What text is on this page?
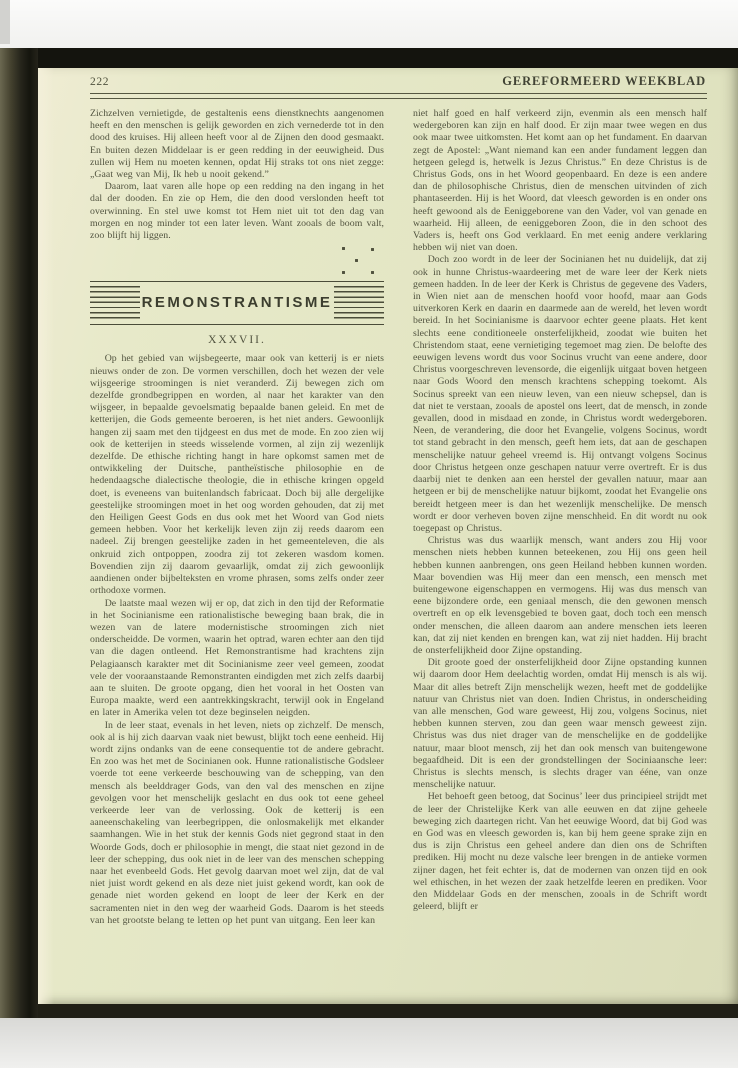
222	GEREFORMEERD WEEKBLAD

Zichzelven vernietigde, de gestaltenis eens dienstknechts aangenomen heeft en den menschen is gelijk geworden en zich vernederde tot in den dood des kruises. Hij alleen heeft voor al de Zijnen den dood gesmaakt. En buiten dezen Middelaar is er geen redding in der eeuwigheid. Dus zullen wij Hem nu moeten kennen, opdat Hij straks tot ons niet zegge: „Gaat weg van Mij, Ik heb u nooit gekend.”

Daarom, laat varen alle hope op een redding na den ingang in het dal der dooden. En zie op Hem, die den dood verslonden heeft tot overwinning. En stel uwe komst tot Hem niet uit tot den dag van morgen en nog minder tot een later leven. Want zooals de boom valt, zoo blijft hij liggen.

REMONSTRANTISME
XXXVII.

Op het gebied van wijsbegeerte, maar ook van ketterij is er niets nieuws onder de zon. De vormen verschillen, doch het wezen der vele wijsgeerige stroomingen is niet veranderd. Zij bewegen zich om dezelfde grondbegrippen en worden, al naar het karakter van den wijsgeer, in bepaalde gevoelsmatig bepaalde banen geleid. En met de ketterijen, die Gods gemeente beroeren, is het niet anders. Gewoonlijk hangen zij saam met den tijdgeest en dus met de mode. En zoo zien wij ook de ketterijen in steeds wisselende vormen, al zijn zij wezenlijk dezelfde. De ethische richting hangt in hare opkomst samen met de ontwikkeling der Duitsche, pantheïstische philosophie en de hedendaagsche dialectische theologie, die in ethische kringen opgeld doet, is eveneens van buitenlandsch fabricaat. Doch bij alle dergelijke geestelijke stroomingen moet in het oog worden gehouden, dat zij met den Heiligen Geest Gods en dus ook met het Woord van God niets gemeen hebben. Voor het kerkelijk leven zijn zij reeds daarom een nadeel. Zij brengen geestelijke zaden in het gemeenteleven, die als onkruid zich ontpoppen, zoodra zij tot zekeren wasdom komen. Bovendien zijn zij daarom gevaarlijk, omdat zij zich gewoonlijk aandienen onder bijbelteksten en vrome phrasen, soms zelfs onder zeer orthodoxe vormen.

De laatste maal wezen wij er op, dat zich in den tijd der Reformatie in het Socinianisme een rationalistische beweging baan brak, die in wezen van de latere modernistische stroomingen zich niet onderscheidde. De vormen, waarin het optrad, waren echter aan den tijd van die dagen ontleend. Het Remonstrantisme had krachtens zijn Pelagiaansch karakter met dit Socinianisme zeer veel gemeen, zoodat vele der vooraanstaande Remonstranten eindigden met zich zelfs daarbij aan te sluiten. De groote opgang, dien het vooral in het Oosten van Europa maakte, werd een aantrekkingskracht, terwijl ook in Engeland en later in Amerika velen tot deze beginselen neigden.

In de leer staat, evenals in het leven, niets op zichzelf. De mensch, ook al is hij zich daarvan vaak niet bewust, blijkt toch eene eenheid. Hij wordt zijns ondanks van de eene consequentie tot de andere gebracht. En zoo was het met de Socinianen ook. Hunne rationalistische Godsleer voerde tot eene verkeerde beschouwing van de schepping, van den mensch als beelddrager Gods, van den val des menschen en zijne gevolgen voor het menschelijk geslacht en dus ook tot eene geheel verkeerde leer van de verlossing. Ook de ketterij is een aaneenschakeling van leerbegrippen, die onlosmakelijk met elkander saamhangen. Wie in het stuk der kennis Gods niet gegrond staat in den Woorde Gods, doch er philosophie in mengt, die staat niet gezond in de leer der schepping, dus ook niet in de leer van des menschen schepping naar het evenbeeld Gods. Het gevolg daarvan moet wel zijn, dat de val niet juist wordt gekend en als deze niet juist gekend wordt, kan ook de genade niet worden gekend en loopt de leer der Kerk en der sacramenten niet in den weg der waarheid Gods. Daarom is het steeds van het grootste belang te letten op het punt van uitgang. Een leer kan

niet half goed en half verkeerd zijn, evenmin als een mensch half wedergeboren kan zijn en half dood. Er zijn maar twee wegen en dus ook maar twee uitkomsten. Het komt aan op het fundament. En daarvan zegt de Apostel: „Want niemand kan een ander fundament leggen dan hetgeen gelegd is, hetwelk is Jezus Christus.” En deze Christus is de Christus Gods, ons in het Woord geopenbaard. En deze is een andere dan de philosophische Christus, dien de menschen uitvinden of zich phantaseerden. Hij is het Woord, dat vleesch geworden is en onder ons heeft gewoond als de Eeniggeborene van den Vader, vol van genade en waarheid. Hij alleen, de eeniggeboren Zoon, die in den schoot des Vaders is, heeft ons God verklaard. En met eenig andere verklaring hebben wij niet van doen.

Doch zoo wordt in de leer der Socinianen het nu duidelijk, dat zij ook in hunne Christus-waardeering met de ware leer der Kerk niets gemeen hadden. In de leer der Kerk is Christus de gegevene des Vaders, in Wien niet aan de menschen hoofd voor hoofd, maar aan Gods uitverkoren Kerk en daarin en daarmede aan de wereld, het leven wordt bereid. In het Socinianisme is daarvoor echter geene plaats. Het kent slechts eene conditioneele onsterfelijkheid, zoodat wie buiten het Christendom staat, eene vernietiging tegemoet mag zien. De belofte des eeuwigen levens wordt dus voor Socinus vrucht van eene andere, door Christus voorgeschreven levensorde, die eigenlijk uitgaat boven hetgeen naar Gods Woord den mensch krachtens schepping toekomt. Als Socinus spreekt van een nieuw leven, van een nieuw schepsel, dan is dat niet te verstaan, zooals de apostel ons leert, dat de mensch, in zonde gevallen, dood in misdaad en zonde, in Christus wordt wedergeboren. Neen, de verandering, die door het Evangelie, volgens Socinus, wordt tot stand gebracht in den mensch, geeft hem iets, dat aan de geschapen menschelijke natuur geheel vreemd is. Hij ontvangt volgens Socinus door Christus hetgeen onze geschapen natuur verre overtreft. Er is dus daarbij niet te denken aan een herstel der gevallen natuur, maar aan hetgeen er bij de menschelijke natuur bijkomt, zoodat het Evangelie ons bereidt hetgeen meer is dan het wezenlijk menschelijke. De mensch wordt er door verheven boven zijne menschheid. En dit wordt nu ook toegepast op Christus.

Christus was dus waarlijk mensch, want anders zou Hij voor menschen niets hebben kunnen beteekenen, zou Hij ons geen heil hebben kunnen aanbrengen, ons geen Heiland hebben kunnen worden. Maar bovendien was Hij meer dan een mensch, een mensch met buitengewone eigenschappen en vermogens. Hij was dus mensch van eene bijzondere orde, een geniaal mensch, die den gewonen mensch overtreft en op elk levensgebied te boven gaat, doch toch een mensch onder menschen, die alleen daarom aan andere menschen iets leeren kan, dat zij niet kenden en brengen kan, wat zij niet hadden. Hij bracht de onsterfelijkheid door Zijne opstanding.

Dit groote goed der onsterfelijkheid door Zijne opstanding kunnen wij daarom door Hem deelachtig worden, omdat Hij mensch is als wij. Maar dit alles betreft Zijn menschelijk wezen, heeft met de goddelijke natuur van Christus niet van doen. Indien Christus, in onderscheiding van alle menschen, God ware geweest, Hij zou, volgens Socinus, niet hebben kunnen sterven, zou dan geen waar mensch geweest zijn. Christus was dus niet drager van de menschelijke en de goddelijke natuur, maar bloot mensch, zij het dan ook mensch van buitengewone begaafdheid. Dit is een der grondstellingen der Sociniaansche leer: Christus is slechts mensch, is slechts drager van ééne, van onze menschelijke natuur.

Het behoeft geen betoog, dat Socinus’ leer dus principieel strijdt met de leer der Christelijke Kerk van alle eeuwen en dat zijne geheele beweging zich daartegen richt. Van het eeuwige Woord, dat bij God was en God was en vleesch geworden is, kan bij hem geene sprake zijn en dus is zijn Christus een geheel andere dan dien ons de Schriften prediken. Hij mocht nu deze valsche leer brengen in de antieke vormen zijner dagen, het feit echter is, dat de modernen van onzen tijd en ook wel ethischen, in het wezen der zaak hetzelfde leeren en prediken. Voor den Middelaar Gods en der menschen, zooals in de Schrift wordt geleerd, blijft er
